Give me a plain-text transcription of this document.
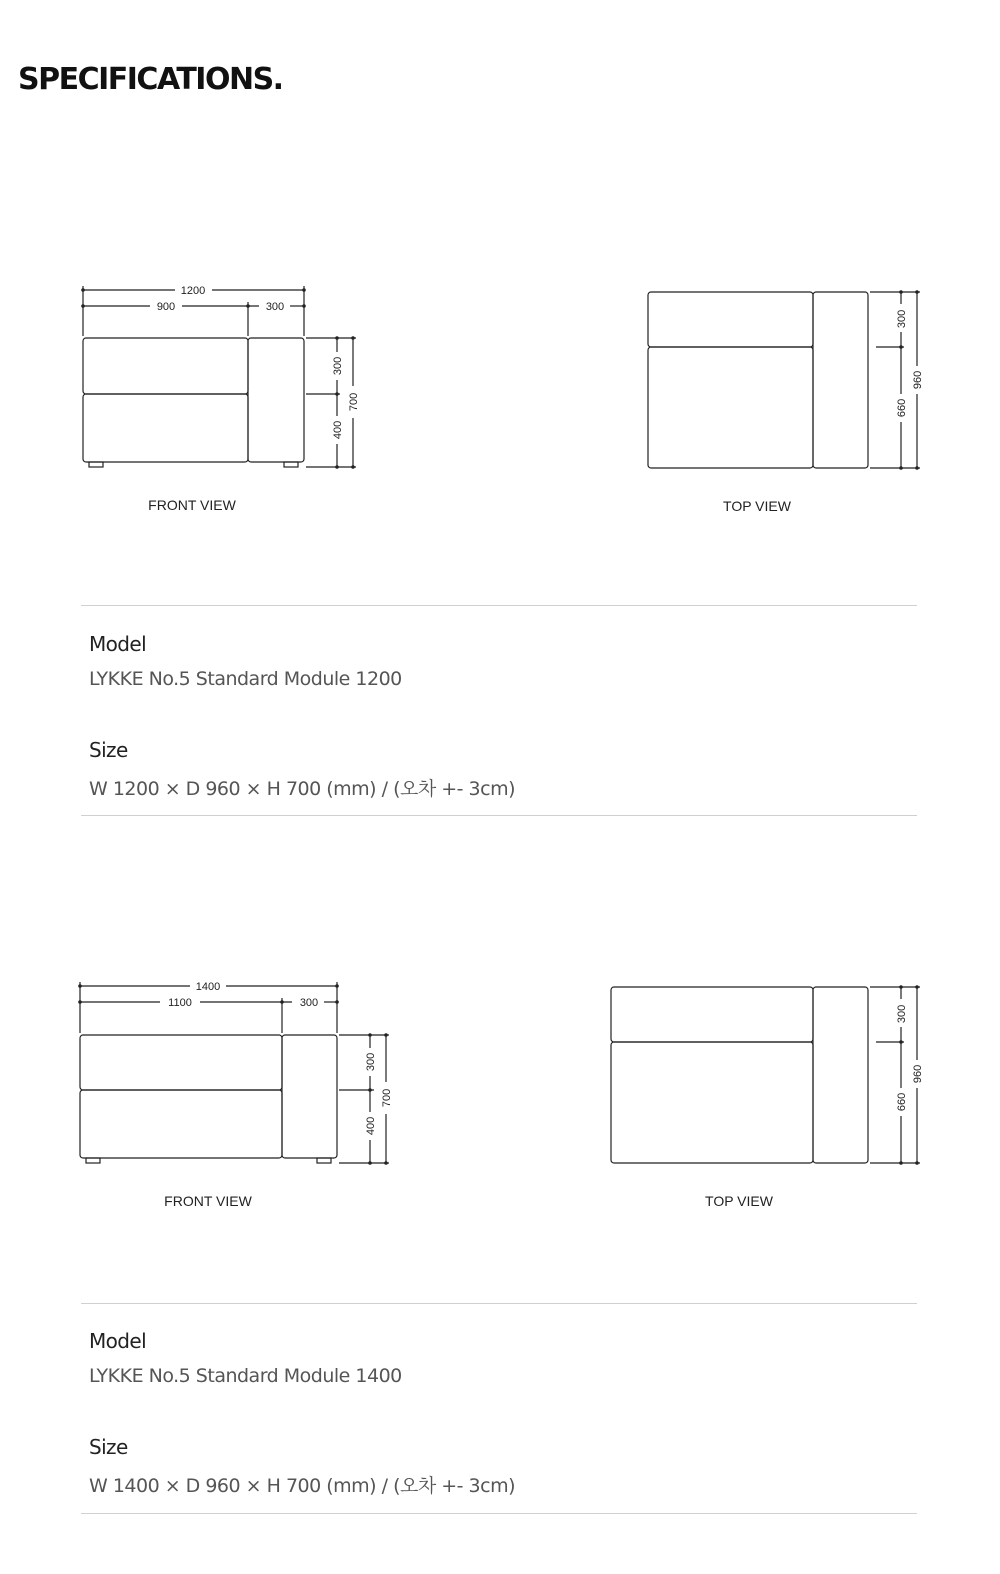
SPECIFICATIONS.
1200
900	300
300
400
700
FRONT VIEW
300
660
960
TOP VIEW

Model

LYKKE No.5 Standard Module 1200

Size

W 1200 × D 960 × H 700 (mm) / (오차 +- 3cm)

1400
1100	300
300
400
700
FRONT VIEW
300
660
960
TOP VIEW

Model

LYKKE No.5 Standard Module 1400

Size

W 1400 × D 960 × H 700 (mm) / (오차 +- 3cm)
